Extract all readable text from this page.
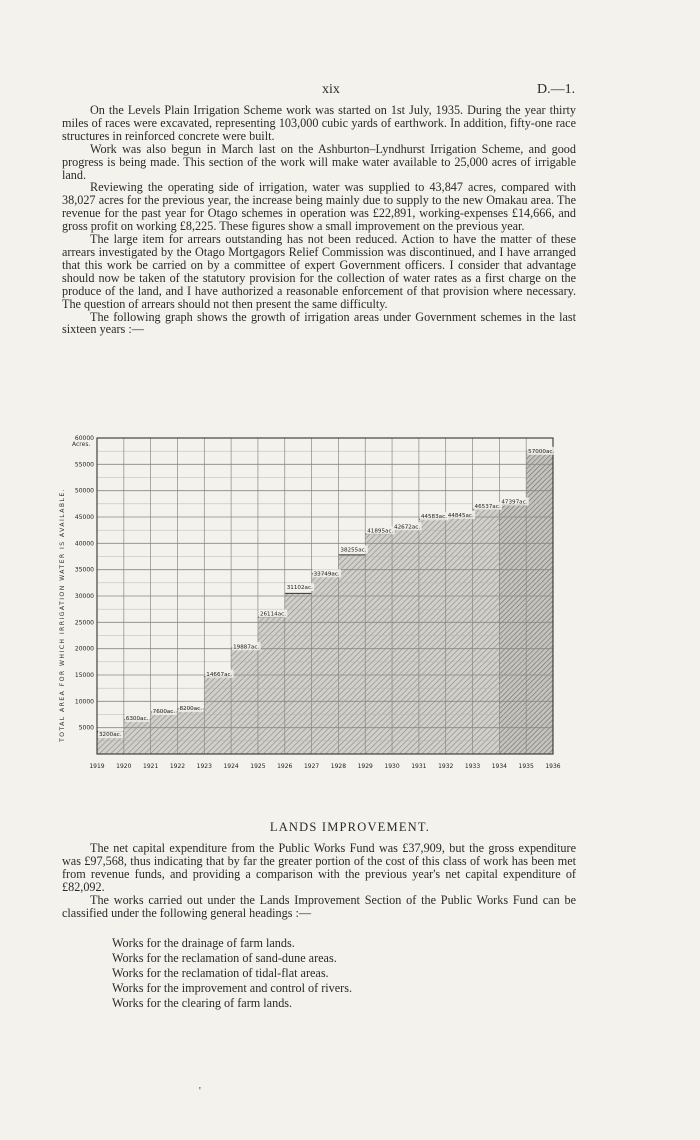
xix	D.—1.

On the Levels Plain Irrigation Scheme work was started on 1st July, 1935. During the year thirty miles of races were excavated, representing 103,000 cubic yards of earthwork. In addition, fifty-one race structures in reinforced concrete were built.

Work was also begun in March last on the Ashburton–Lyndhurst Irrigation Scheme, and good progress is being made. This section of the work will make water available to 25,000 acres of irrigable land.

Reviewing the operating side of irrigation, water was supplied to 43,847 acres, compared with 38,027 acres for the previous year, the increase being mainly due to supply to the new Omakau area. The revenue for the past year for Otago schemes in operation was £22,891, working-expenses £14,666, and gross profit on working £8,225. These figures show a small improvement on the previous year.

The large item for arrears outstanding has not been reduced. Action to have the matter of these arrears investigated by the Otago Mortgagors Relief Commission was discontinued, and I have arranged that this work be carried on by a committee of expert Government officers. I consider that advantage should now be taken of the statutory provision for the collection of water rates as a first charge on the produce of the land, and I have authorized a reasonable enforcement of that provision where necessary. The question of arrears should not then present the same difficulty.

The following graph shows the growth of irrigation areas under Government schemes in the last sixteen years :—

3200ac.
6300ac.
7600ac.
8200ac.
14667ac.
19887ac.
26114ac.
31102ac.
33749ac.
38255ac.
41895ac.
42672ac.
44583ac. 44845ac.
46537ac.
47397ac.
57000ac.
5000
10000
15000
20000
25000
30000
35000
40000
45000
50000
55000
60000
1919 1920 1921 1922 1923 1924 1925 1926 1927 1928 1929 1930 1931 1932 1933 1934 1935 1936
Acres.
TOTAL AREA FOR WHICH IRRIGATION WATER IS AVAILABLE.
LANDS IMPROVEMENT.

The net capital expenditure from the Public Works Fund was £37,909, but the gross expenditure was £97,568, thus indicating that by far the greater portion of the cost of this class of work has been met from revenue funds, and providing a comparison with the previous year's net capital expenditure of £82,092.

The works carried out under the Lands Improvement Section of the Public Works Fund can be classified under the following general headings :—

Works for the drainage of farm lands.
Works for the reclamation of sand-dune areas.
Works for the reclamation of tidal-flat areas.
Works for the improvement and control of rivers.
Works for the clearing of farm lands.
'
